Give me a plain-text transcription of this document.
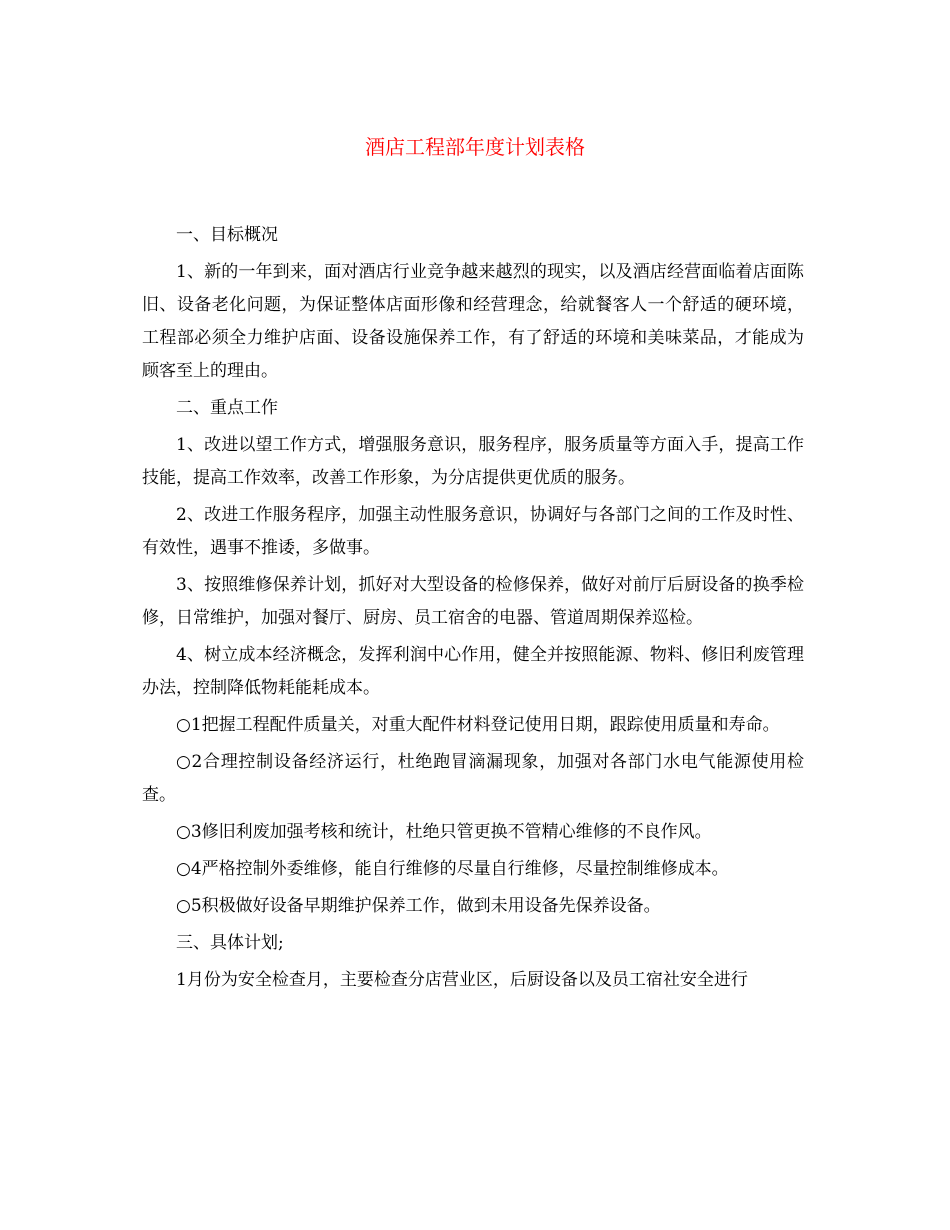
酒店工程部年度计划表格

一、目标概况

1、新的一年到来，面对酒店行业竞争越来越烈的现实，以及酒店经营面临着店面陈旧、设备老化问题，为保证整体店面形像和经营理念，给就餐客人一个舒适的硬环境，工程部必须全力维护店面、设备设施保养工作，有了舒适的环境和美味菜品，才能成为顾客至上的理由。

二、重点工作

1、改进以望工作方式，增强服务意识，服务程序，服务质量等方面入手，提高工作技能，提高工作效率，改善工作形象，为分店提供更优质的服务。

2、改进工作服务程序，加强主动性服务意识，协调好与各部门之间的工作及时性、有效性，遇事不推诿，多做事。

3、按照维修保养计划，抓好对大型设备的检修保养，做好对前厅后厨设备的换季检修，日常维护，加强对餐厅、厨房、员工宿舍的电器、管道周期保养巡检。

4、树立成本经济概念，发挥利润中心作用，健全并按照能源、物料、修旧利废管理办法，控制降低物耗能耗成本。

○1把握工程配件质量关，对重大配件材料登记使用日期，跟踪使用质量和寿命。

○2合理控制设备经济运行，杜绝跑冒滴漏现象，加强对各部门水电气能源使用检查。

○3修旧利废加强考核和统计，杜绝只管更换不管精心维修的不良作风。

○4严格控制外委维修，能自行维修的尽量自行维修，尽量控制维修成本。

○5积极做好设备早期维护保养工作，做到未用设备先保养设备。

三、具体计划;

1月份为安全检查月，主要检查分店营业区，后厨设备以及员工宿社安全进行
